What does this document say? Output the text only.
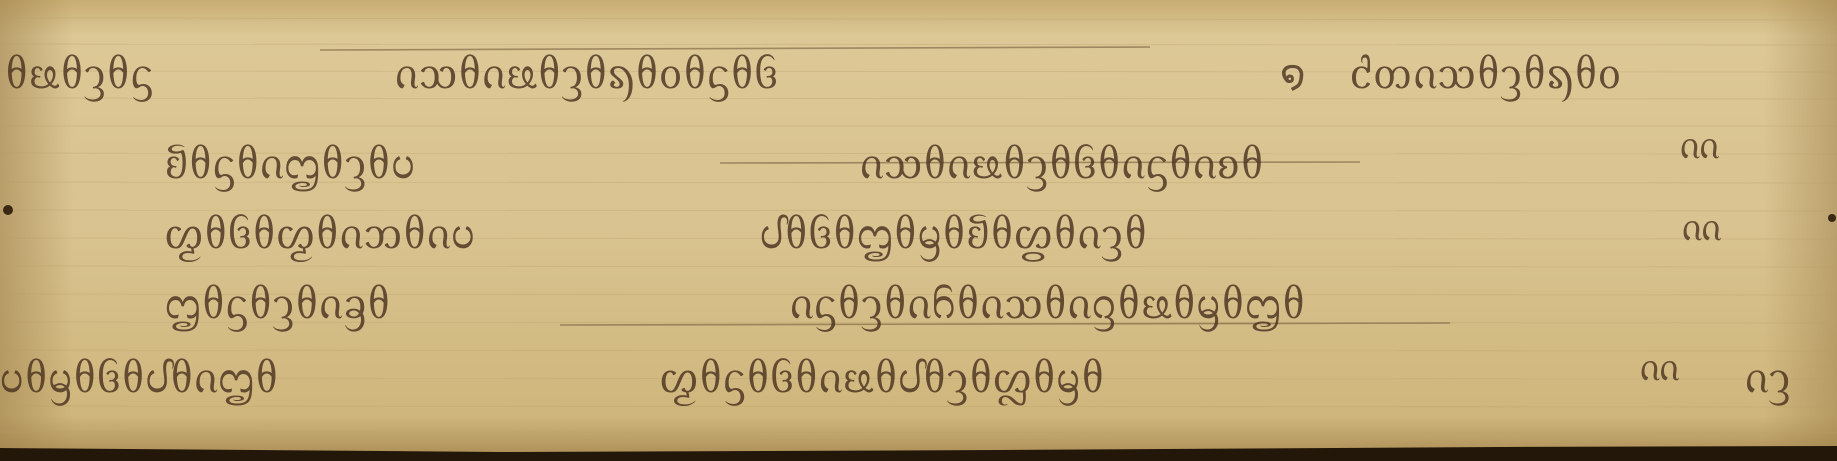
ᦲᦕᦲᦡᦲᦓ	ᦵᦉᦲᦵᦕᦲᦡᦲᦣᦲᦞᦲᦓᦲᦑ	໑ ᦺᦎᦵᦉᦲᦡᦲᦣᦲᦞ
ᦚᦲᦓᦲᦵᦗᦲᦡᦲᦢ	ᦵᦉᦲᦵᦕᦲᦡᦲᦑᦲᦵᦓᦲᦵᦈᦲ	ᦶ
ᦖᦲᦑᦲᦖᦲᦵᦘᦲᦵᦢ	ᦔᦲᦑᦲᦗᦲᦙᦲᦚᦲᦛᦲᦵᦡᦲ	ᦶ
ᦗᦲᦓᦲᦡᦲᦵᦃᦲ	ᦵᦓᦲᦡᦲᦵᦆᦲᦵᦉᦲᦵᦋᦲᦕᦲᦙᦲᦗᦲ
ᦢᦲᦙᦲᦑᦲᦔᦲᦵᦗᦲ	ᦖᦲᦓᦲᦑᦲᦵᦕᦲᦔᦲᦡᦲᦜᦲᦙᦲ	ᦶ ᦵᦡ
